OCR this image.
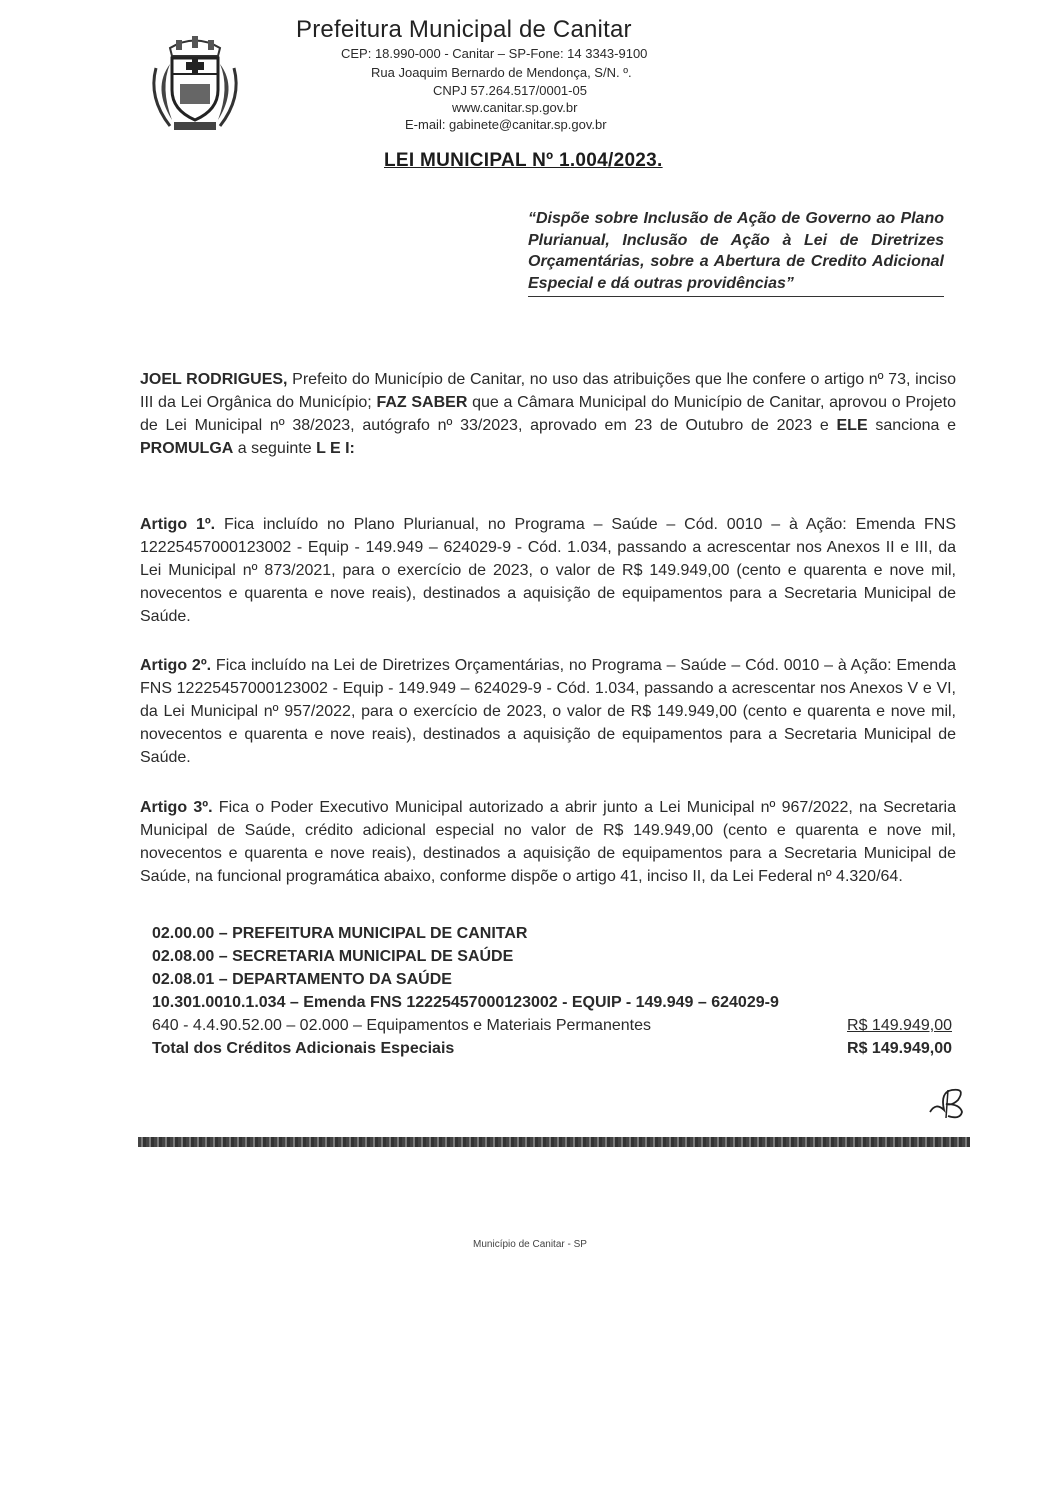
Prefeitura Municipal de Canitar
CEP: 18.990-000 - Canitar – SP-Fone: 14 3343-9100
Rua Joaquim Bernardo de Mendonça, S/N. º.
CNPJ 57.264.517/0001-05
www.canitar.sp.gov.br
E-mail: gabinete@canitar.sp.gov.br
LEI MUNICIPAL Nº 1.004/2023.
“Dispõe sobre Inclusão de Ação de Governo ao Plano Plurianual, Inclusão de Ação à Lei de Diretrizes Orçamentárias, sobre a Abertura de Credito Adicional Especial e dá outras providências”
JOEL RODRIGUES, Prefeito do Município de Canitar, no uso das atribuições que lhe confere o artigo nº 73, inciso III da Lei Orgânica do Município; FAZ SABER que a Câmara Municipal do Município de Canitar, aprovou o Projeto de Lei Municipal nº 38/2023, autógrafo nº 33/2023, aprovado em 23 de Outubro de 2023 e ELE sanciona e PROMULGA a seguinte L E I:
Artigo 1º. Fica incluído no Plano Plurianual, no Programa – Saúde – Cód. 0010 – à Ação: Emenda FNS 12225457000123002 - Equip - 149.949 – 624029-9 - Cód. 1.034, passando a acrescentar nos Anexos II e III, da Lei Municipal nº 873/2021, para o exercício de 2023, o valor de R$ 149.949,00 (cento e quarenta e nove mil, novecentos e quarenta e nove reais), destinados a aquisição de equipamentos para a Secretaria Municipal de Saúde.
Artigo 2º. Fica incluído na Lei de Diretrizes Orçamentárias, no Programa – Saúde – Cód. 0010 – à Ação: Emenda FNS 12225457000123002 - Equip - 149.949 – 624029-9 - Cód. 1.034, passando a acrescentar nos Anexos V e VI, da Lei Municipal nº 957/2022, para o exercício de 2023, o valor de R$ 149.949,00 (cento e quarenta e nove mil, novecentos e quarenta e nove reais), destinados a aquisição de equipamentos para a Secretaria Municipal de Saúde.
Artigo 3º. Fica o Poder Executivo Municipal autorizado a abrir junto a Lei Municipal nº 967/2022, na Secretaria Municipal de Saúde, crédito adicional especial no valor de R$ 149.949,00 (cento e quarenta e nove mil, novecentos e quarenta e nove reais), destinados a aquisição de equipamentos para a Secretaria Municipal de Saúde, na funcional programática abaixo, conforme dispõe o artigo 41, inciso II, da Lei Federal nº 4.320/64.
02.00.00 – PREFEITURA MUNICIPAL DE CANITAR
02.08.00 – SECRETARIA MUNICIPAL DE SAÚDE
02.08.01 – DEPARTAMENTO DA SAÚDE
10.301.0010.1.034 – Emenda FNS 12225457000123002 - EQUIP - 149.949 – 624029-9
640 - 4.4.90.52.00 – 02.000 – Equipamentos e Materiais Permanentes	R$ 149.949,00
Total dos Créditos Adicionais Especiais	R$ 149.949,00
Município de Canitar - SP
